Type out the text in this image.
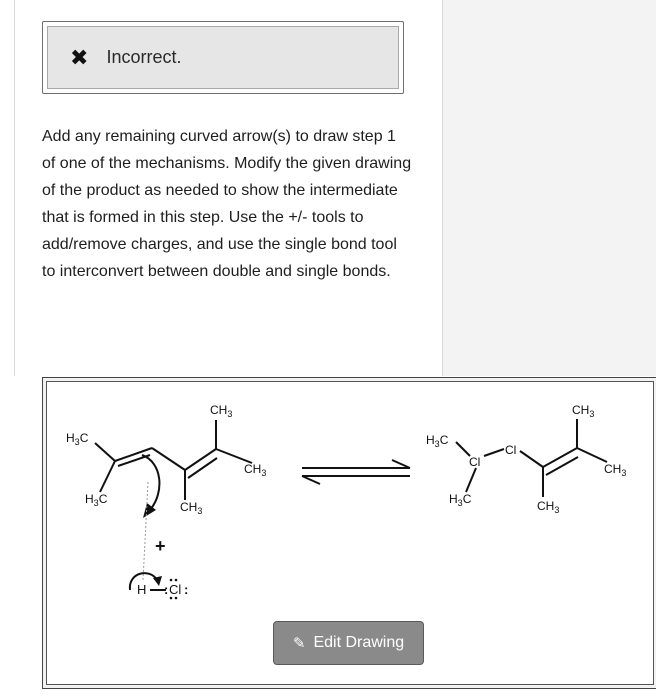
✖ Incorrect.
Add any remaining curved arrow(s) to draw step 1 of one of the mechanisms. Modify the given drawing of the product as needed to show the intermediate that is formed in this step. Use the +/- tools to add/remove charges, and use the single bond tool to interconvert between double and single bonds.
$H_3C$
$H_3C$
$CH_3$
$CH_3$
$CH_3$
+
H Cl :
:
$H_3C$
Cl
Cl
$H_3C$
$CH_3$
$CH_3$
$CH_3$
✎ Edit Drawing
